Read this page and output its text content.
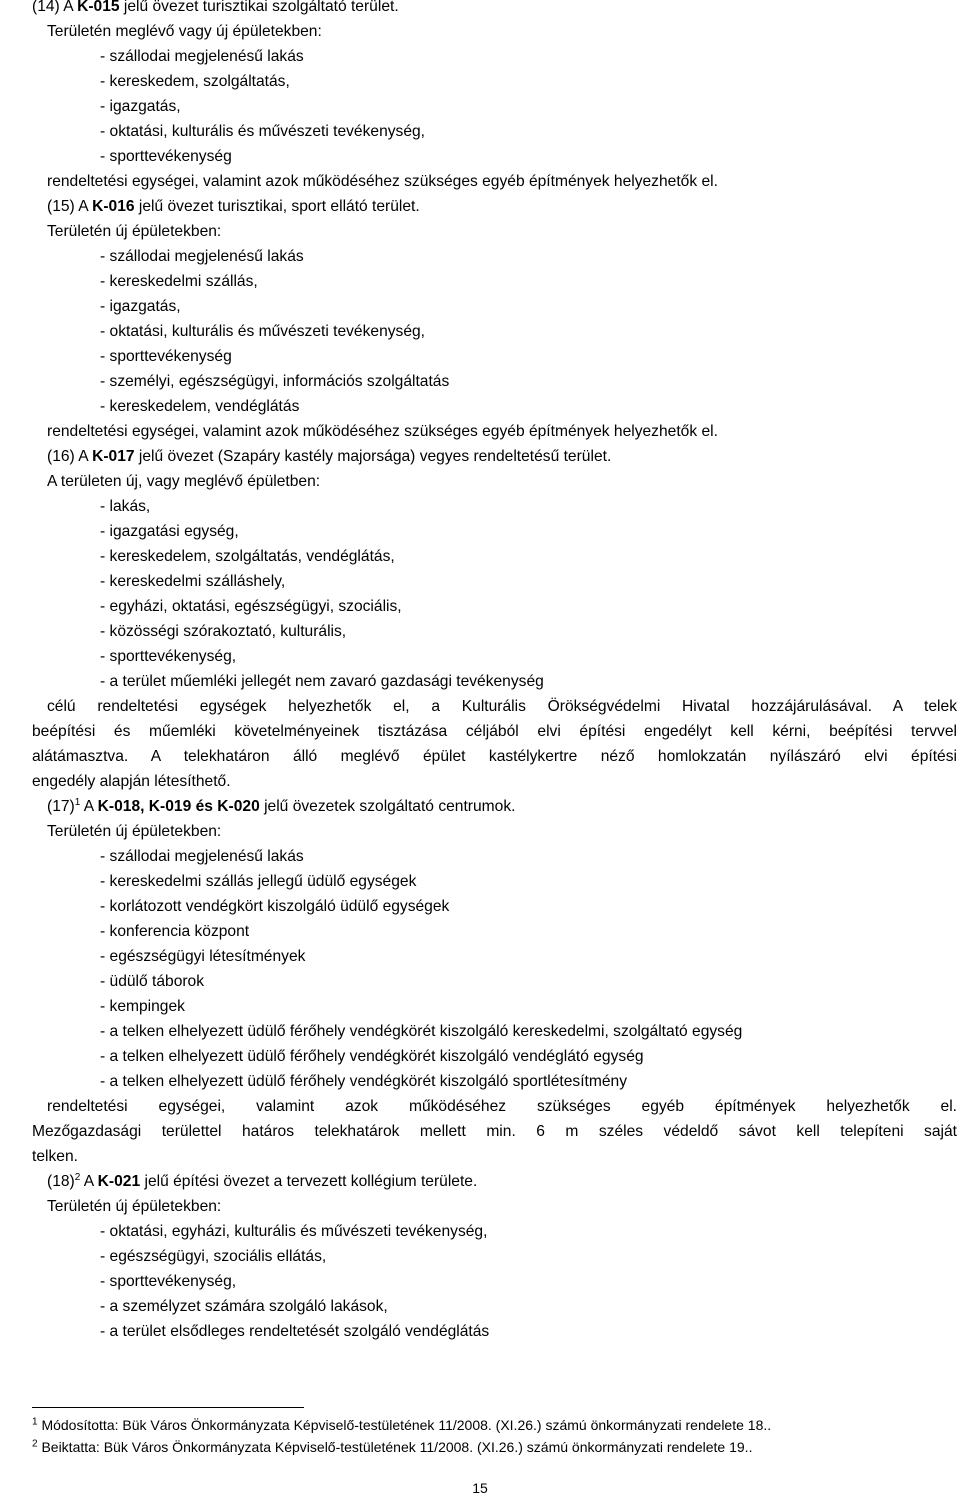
(14) A K-015 jelű övezet turisztikai szolgáltató terület.
Területén meglévő vagy új épületekben:
- szállodai megjelenésű lakás
- kereskedem, szolgáltatás,
- igazgatás,
- oktatási, kulturális és művészeti tevékenység,
- sporttevékenység
rendeltetési egységei, valamint azok működéséhez szükséges egyéb építmények helyezhetők el.
(15) A K-016 jelű övezet turisztikai, sport ellátó terület.
Területén új épületekben:
- szállodai megjelenésű lakás
- kereskedelmi szállás,
- igazgatás,
- oktatási, kulturális és művészeti tevékenység,
- sporttevékenység
- személyi, egészségügyi, információs szolgáltatás
- kereskedelem, vendéglátás
rendeltetési egységei, valamint azok működéséhez szükséges egyéb építmények helyezhetők el.
(16) A K-017 jelű övezet (Szapáry kastély majorsága) vegyes rendeltetésű terület.
A területen új, vagy meglévő épületben:
- lakás,
- igazgatási egység,
- kereskedelem, szolgáltatás, vendéglátás,
- kereskedelmi szálláshely,
- egyházi, oktatási, egészségügyi, szociális,
- közösségi szórakoztató, kulturális,
- sporttevékenység,
- a terület műemléki jellegét nem zavaró gazdasági tevékenység
célú rendeltetési egységek helyezhetők el, a Kulturális Örökségvédelmi Hivatal hozzájárulásával. A telek
beépítési és műemléki követelményeinek tisztázása céljából elvi építési engedélyt kell kérni, beépítési tervvel
alátámasztva. A telekhatáron álló meglévő épület kastélykertre néző homlokzatán nyílászáró elvi építési
engedély alapján létesíthető.
$(17)^1$ A K-018, K-019 és K-020 jelű övezetek szolgáltató centrumok.
Területén új épületekben:
- szállodai megjelenésű lakás
- kereskedelmi szállás jellegű üdülő egységek
- korlátozott vendégkört kiszolgáló üdülő egységek
- konferencia központ
- egészségügyi létesítmények
- üdülő táborok
- kempingek
- a telken elhelyezett üdülő férőhely vendégkörét kiszolgáló kereskedelmi, szolgáltató egység
- a telken elhelyezett üdülő férőhely vendégkörét kiszolgáló vendéglátó egység
- a telken elhelyezett üdülő férőhely vendégkörét kiszolgáló sportlétesítmény
rendeltetési egységei, valamint azok működéséhez szükséges egyéb építmények helyezhetők el.
Mezőgazdasági területtel határos telekhatárok mellett min. 6 m széles védeldő sávot kell telepíteni saját
telken.
$(18)^2$ A K-021 jelű építési övezet a tervezett kollégium területe.
Területén új épületekben:
- oktatási, egyházi, kulturális és művészeti tevékenység,
- egészségügyi, szociális ellátás,
- sporttevékenység,
- a személyzet számára szolgáló lakások,
- a terület elsődleges rendeltetését szolgáló vendéglátás
$^1$ Módosította: Bük Város Önkormányzata Képviselő-testületének 11/2008. (XI.26.) számú önkormányzati rendelete 18..
$^2$ Beiktatta: Bük Város Önkormányzata Képviselő-testületének 11/2008. (XI.26.) számú önkormányzati rendelete 19..
15
